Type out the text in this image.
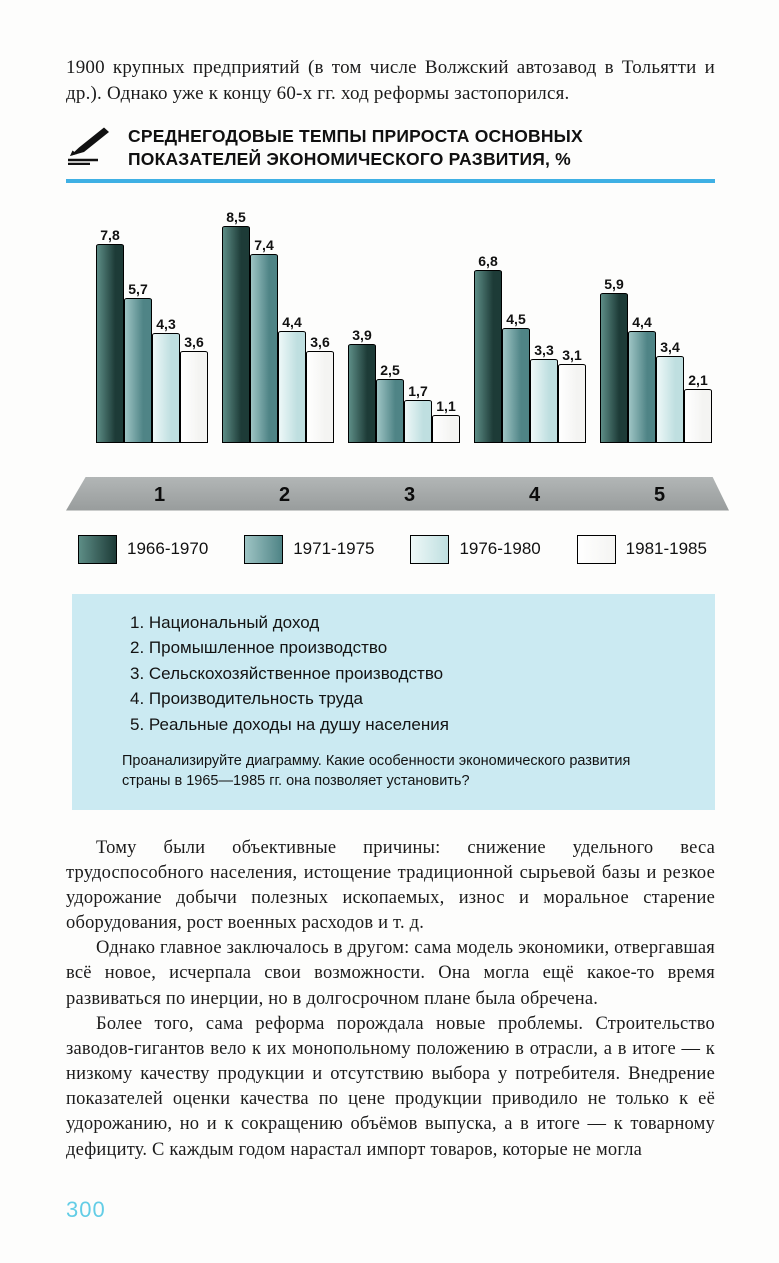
1900 крупных предприятий (в том числе Волжский автозавод в Тольятти и др.). Однако уже к концу 60-х гг. ход реформы застопорился.

СРЕДНЕГОДОВЫЕ ТЕМПЫ ПРИРОСТА ОСНОВНЫХ
ПОКАЗАТЕЛЕЙ ЭКОНОМИЧЕСКОГО РАЗВИТИЯ, %
7,8
5,7
4,3
3,6
8,5
7,4
4,4
3,6 3,9
2,5
1,7
1,1
6,8
4,5
3,3 3,1
5,9
4,4
3,4
2,1
1	2	3	4	5
1966-1970	1971-1975	1976-1980	1981-1985
1. Национальный доход
2. Промышленное производство
3. Сельскохозяйственное производство
4. Производительность труда
5. Реальные доходы на душу населения
Проанализируйте диаграмму. Какие особенности экономического развития страны в 1965—1985 гг. она позволяет установить?

Тому были объективные причины: снижение удельного веса трудоспособного населения, истощение традиционной сырьевой базы и резкое удорожание добычи полезных ископаемых, износ и моральное старение оборудования, рост военных расходов и т. д.

Однако главное заключалось в другом: сама модель экономики, отвергавшая всё новое, исчерпала свои возможности. Она могла ещё какое-то время развиваться по инерции, но в долгосрочном плане была обречена.

Более того, сама реформа порождала новые проблемы. Строительство заводов-гигантов вело к их монопольному положению в отрасли, а в итоге — к низкому качеству продукции и отсутствию выбора у потребителя. Внедрение показателей оценки качества по цене продукции приводило не только к её удорожанию, но и к сокращению объёмов выпуска, а в итоге — к товарному дефициту. С каждым годом нарастал импорт товаров, которые не могла

300
